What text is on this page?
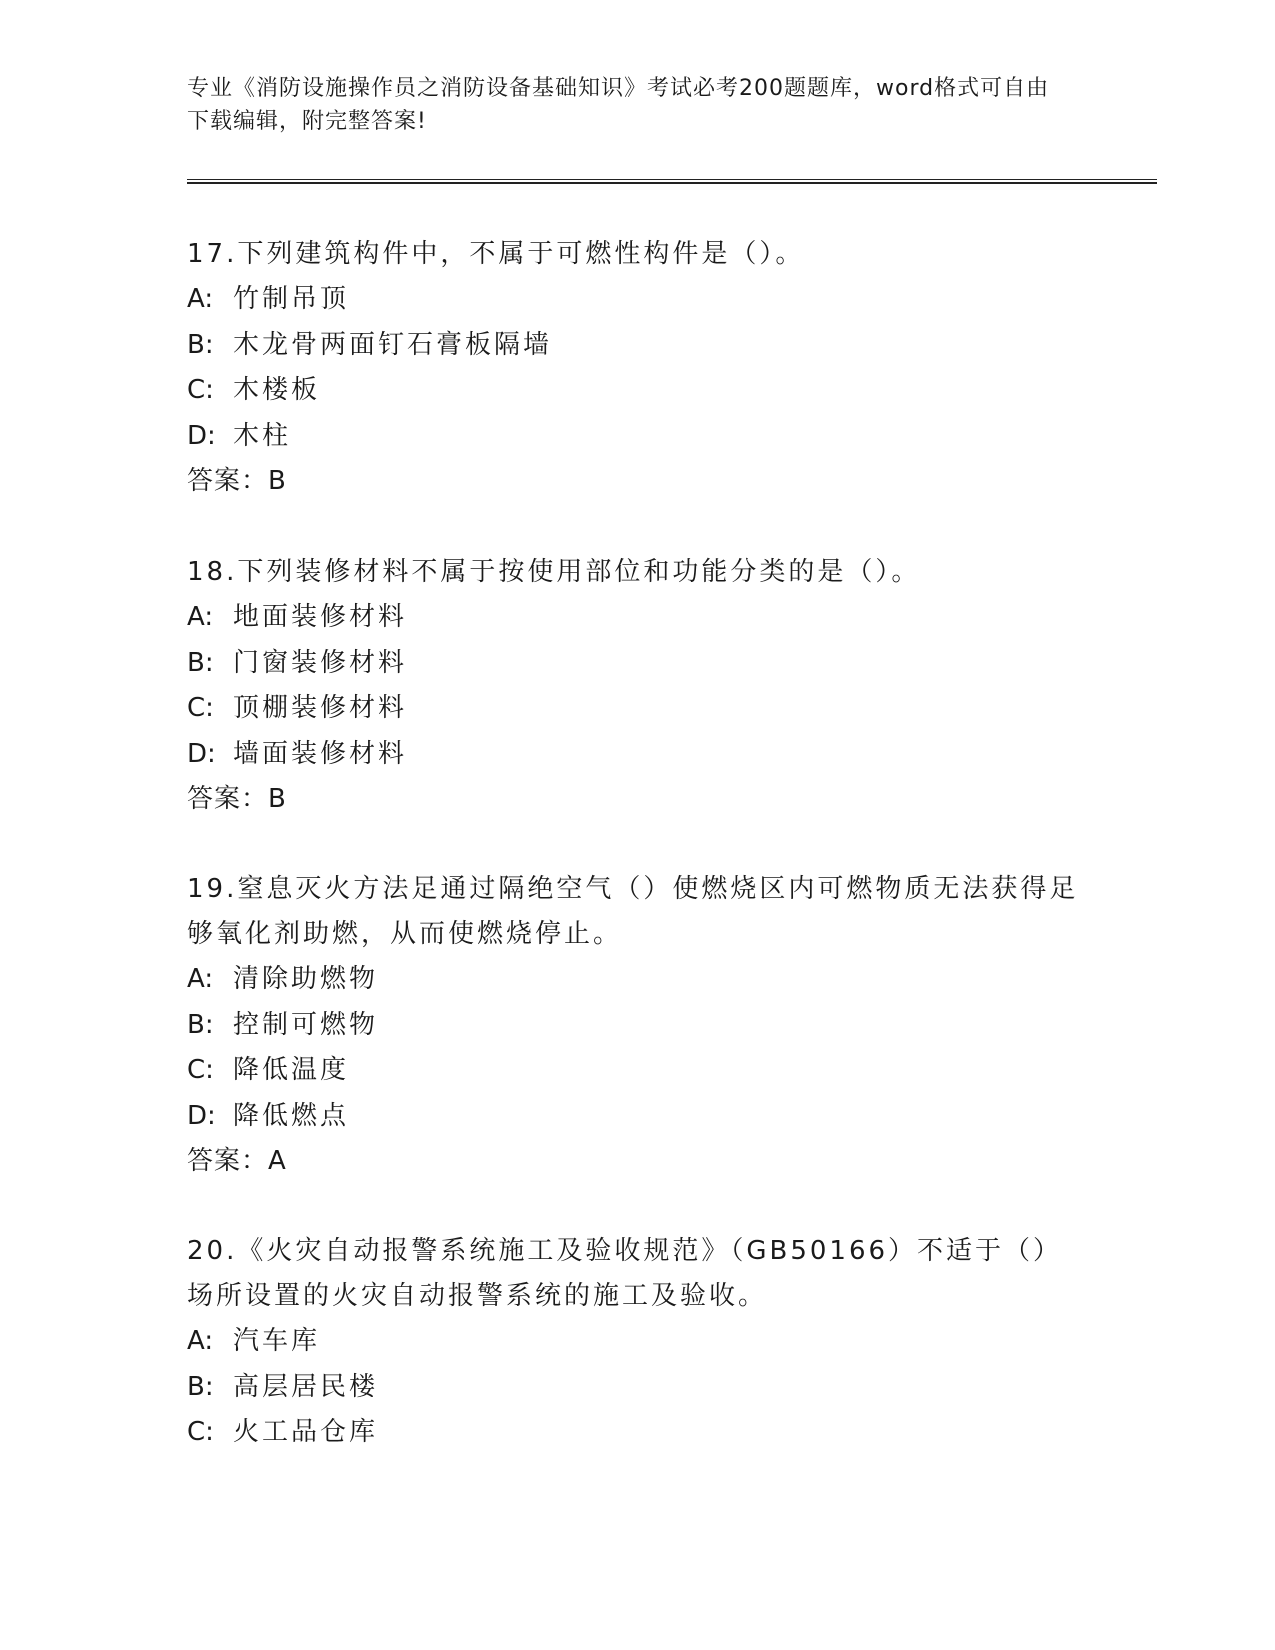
专业《消防设施操作员之消防设备基础知识》考试必考200题题库，word格式可自由下载编辑，附完整答案!

17.下列建筑构件中，不属于可燃性构件是（）。

A: 竹制吊顶
B: 木龙骨两面钉石膏板隔墙
C: 木楼板
D: 木柱
答案：B

18.下列装修材料不属于按使用部位和功能分类的是（）。

A: 地面装修材料
B: 门窗装修材料
C: 顶棚装修材料
D: 墙面装修材料
答案：B

19.窒息灭火方法足通过隔绝空气（）使燃烧区内可燃物质无法获得足够氧化剂助燃，从而使燃烧停止。

A: 清除助燃物
B: 控制可燃物
C: 降低温度
D: 降低燃点
答案：A

20.《火灾自动报警系统施工及验收规范》（GB50166）不适于（）场所设置的火灾自动报警系统的施工及验收。

A: 汽车库
B: 高层居民楼
C: 火工品仓库
